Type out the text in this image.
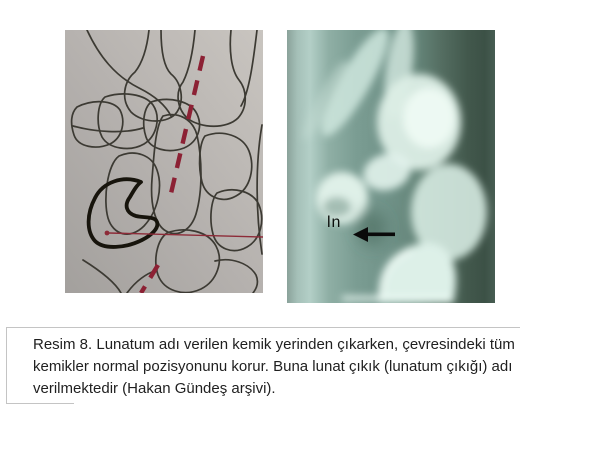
ln
Resim 8. Lunatum adı verilen kemik yerinden çıkarken, çevresindeki tüm
kemikler normal pozisyonunu korur. Buna lunat çıkık (lunatum çıkığı) adı
verilmektedir (Hakan Gündeş arşivi).
